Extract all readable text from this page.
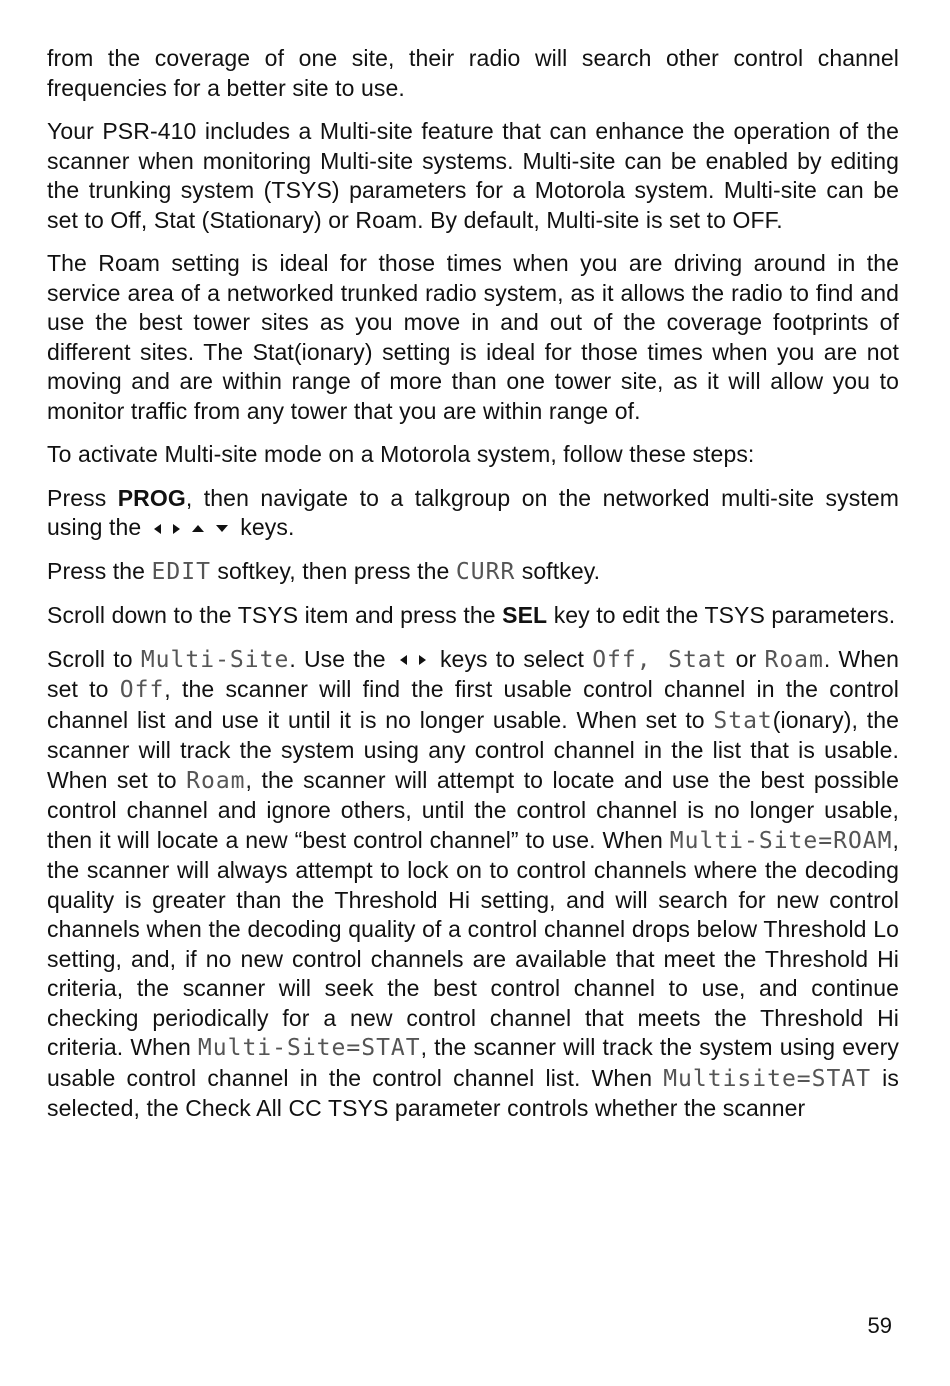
from the coverage of one site, their radio will search other control channel frequencies for a better site to use.

Your PSR-410 includes a Multi-site feature that can enhance the operation of the scanner when monitoring Multi-site systems. Multi-site can be enabled by editing the trunking system (TSYS) parameters for a Motorola system. Multi-site can be set to Off, Stat (Stationary) or Roam. By default, Multi-site is set to OFF.

The Roam setting is ideal for those times when you are driving around in the service area of a networked trunked radio system, as it allows the radio to find and use the best tower sites as you move in and out of the coverage footprints of different sites. The Stat(ionary) setting is ideal for those times when you are not moving and are within range of more than one tower site, as it will allow you to monitor traffic from any tower that you are within range of.

To activate Multi-site mode on a Motorola system, follow these steps:

Press PROG, then navigate to a talkgroup on the networked multi-site system using the	keys.

Press the EDIT softkey, then press the CURR softkey.

Scroll down to the TSYS item and press the SEL key to edit the TSYS parameters.

Scroll to Multi-Site. Use the keys to select Off, Stat or Roam. When set to Off, the scanner will find the first usable control channel in the control channel list and use it until it is no longer usable. When set to Stat(ionary), the scanner will track the system using any control channel in the list that is usable. When set to Roam, the scanner will attempt to locate and use the best possible control channel and ignore others, until the control channel is no longer usable, then it will locate a new “best control channel” to use. When Multi-Site=ROAM, the scanner will always attempt to lock on to control channels where the decoding quality is greater than the Threshold Hi setting, and will search for new control channels when the decoding quality of a control channel drops below Threshold Lo setting, and, if no new control channels are available that meet the Threshold Hi criteria, the scanner will seek the best control channel to use, and continue checking periodically for a new control channel that meets the Threshold Hi criteria. When Multi-Site=STAT, the scanner will track the system using every usable control channel in the control channel list. When Multisite=STAT is selected, the Check All CC TSYS parameter controls whether the scanner

59
